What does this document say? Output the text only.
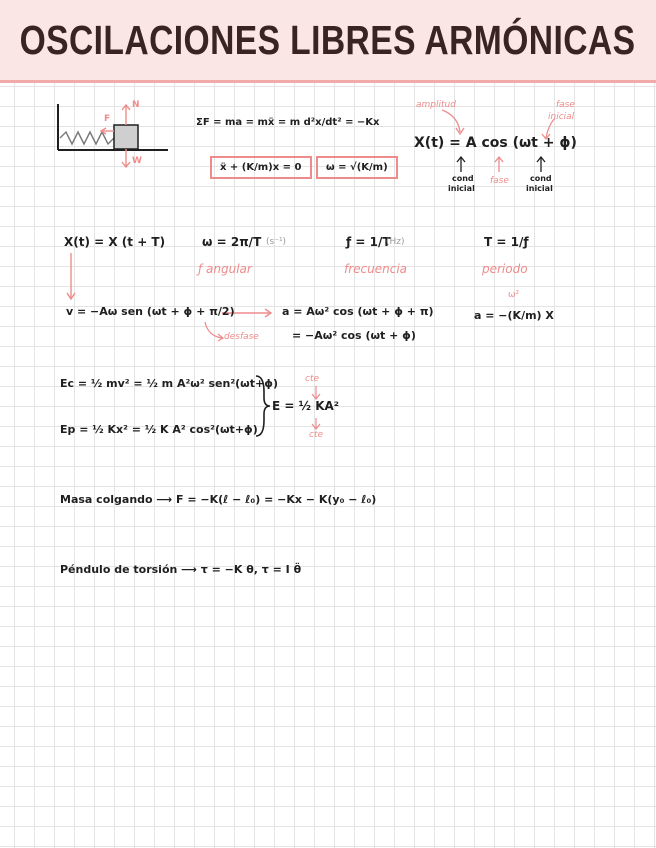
OSCILACIONES LIBRES ARMÓNICAS
F
N
W
ΣF = ma = mẍ = m d²x/dt² = −Kx
ẍ + (K/m)x = 0	ω = √(K/m)
X(t) = A cos (ωt + ϕ)
amplitud	fase
inicial
cond
inicial
fase	cond
inicial
X(t) = X (t + T)	ω = 2π/T (s⁻¹)
ƒ angular
ƒ = 1/T
(Hz)
frecuencia
T = 1/ƒ
periodo
v = −Aω sen (ωt + ϕ + π/2)
desfase
a = Aω² cos (ωt + ϕ + π)
= −Aω² cos (ωt + ϕ)
ω²
a = −(K/m) X
Ec = ½ mv² = ½ m A²ω² sen²(ωt+ϕ)
Ep = ½ Kx² = ½ K A² cos²(ωt+ϕ)
E = ½ KA²
cte
cte
Masa colgando ⟶ F = −K(ℓ − ℓ₀) = −Kx − K(y₀ − ℓ₀)
Péndulo de torsión ⟶ τ = −K θ, τ = I θ̈
